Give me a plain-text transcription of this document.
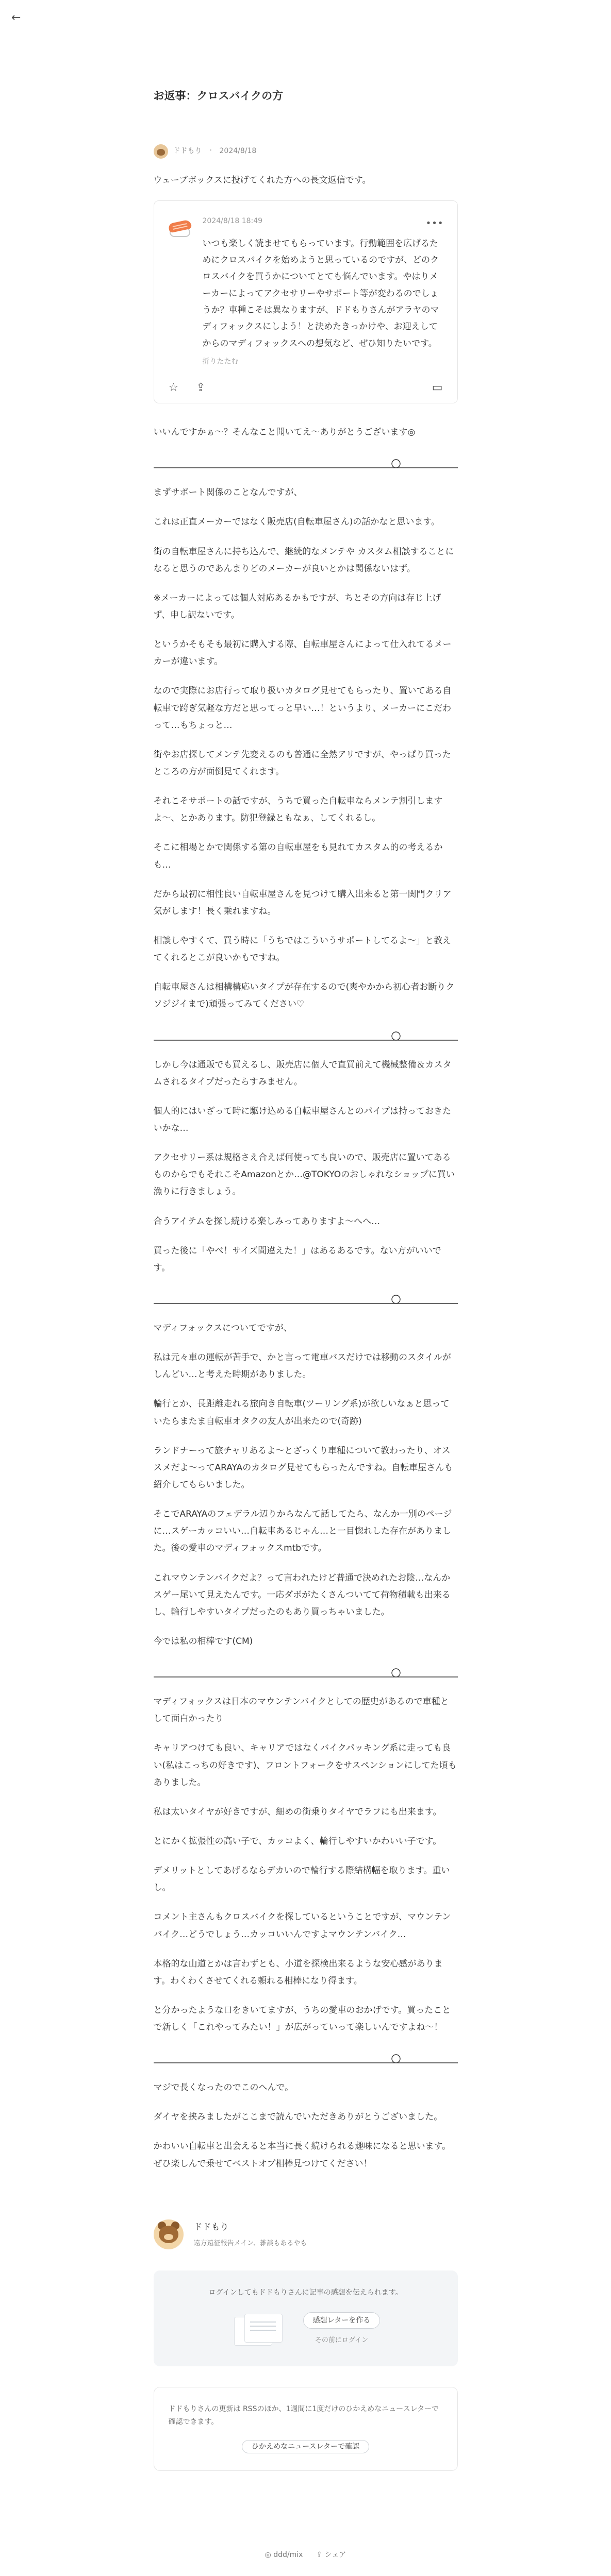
←
お返事：クロスバイクの方
ドドもり ・ 2024/8/18

ウェーブボックスに投げてくれた方への長文返信です。

2024/8/18 18:49	•••
いつも楽しく読ませてもらっています。行動範囲を広げるためにクロスバイクを始めようと思っているのですが、どのクロスバイクを買うかについてとても悩んでいます。やはりメーカーによってアクセサリーやサポート等が変わるのでしょうか？車種こそは異なりますが、ドドもりさんがアラヤのマディフォックスにしよう！と決めたきっかけや、お迎えしてからのマディフォックスへの想気など、ぜひ知りたいです。
折りたたむ
☆ ⇪	▭

いいんですかぁ〜？そんなこと聞いてえ〜ありがとうございます◎

まずサポート関係のことなんですが、

これは正直メーカーではなく販売店(自転車屋さん)の話かなと思います。

街の自転車屋さんに持ち込んで、継続的なメンテや カスタム相談することになると思うのであんまりどのメーカーが良いとかは関係ないはず。

※メーカーによっては個人対応あるかもですが、ちとその方向は存じ上げず、申し訳ないです。

というかそもそも最初に購入する際、自転車屋さんによって仕入れてるメーカーが違います。

なので実際にお店行って取り扱いカタログ見せてもらったり、置いてある自転車で跨ぎ気軽な方だと思ってっと早い…！というより、メーカーにこだわって…もちょっと…

街やお店探してメンテ先変えるのも普通に全然アリですが、やっぱり買ったところの方が面倒見てくれます。

それこそサポートの話ですが、うちで買った自転車ならメンテ割引しますよ〜、とかあります。防犯登録ともなぁ、してくれるし。

そこに相場とかで関係する第の自転車屋をも見れてカスタム的の考えるかも…

だから最初に相性良い自転車屋さんを見つけて購入出来ると第一関門クリア気がします！長く乗れますね。

相談しやすくて、買う時に「うちではこういうサポートしてるよ〜」と教えてくれるとこが良いかもですね。

自転車屋さんは相構構応いタイプが存在するので(爽やかから初心者お断りクソジジイまで)頑張ってみてください♡

しかし今は通販でも買えるし、販売店に個人で直買前えて機械整備＆カスタムされるタイプだったらすみません。

個人的にはいざって時に駆け込める自転車屋さんとのパイプは持っておきたいかな…

アクセサリー系は規格さえ合えば何使っても良いので、販売店に置いてあるものからでもそれこそAmazonとか…@TOKYOのおしゃれなショップに買い漁りに行きましょう。

合うアイテムを探し続ける楽しみってありますよ〜へへ…

買った後に「やべ！サイズ間違えた！」はあるあるです。ない方がいいです。

マディフォックスについてですが、

私は元々車の運転が苦手で、かと言って電車バスだけでは移動のスタイルがしんどい…と考えた時期がありました。

輪行とか、長距離走れる旅向き自転車(ツーリング系)が欲しいなぁと思っていたらまたま自転車オタクの友人が出来たので(奇跡)

ランドナーって旅チャリあるよ〜とざっくり車種について教わったり、オススメだよ〜ってARAYAのカタログ見せてもらったんですね。自転車屋さんも紹介してもらいました。

そこでARAYAのフェデラル辺りからなんて話してたら、なんか一別のページに…スゲーカッコいい…自転車あるじゃん…と一目惚れした存在がありました。後の愛車のマディフォックスmtbです。

これマウンテンバイクだよ？って言われたけど普通で決めれたお陰…なんかスゲー尾いて見えたんです。一応ダボがたくさんついてて荷物積載も出来るし、輪行しやすいタイプだったのもあり買っちゃいました。

今では私の相棒です(CM)

マディフォックスは日本のマウンテンバイクとしての歴史があるので車種として面白かったり

キャリアつけても良い、キャリアではなくバイクパッキング系に走っても良い(私はこっちの好きです)、フロントフォークをサスペンションにしてた頃もありました。

私は太いタイヤが好きですが、細めの街乗りタイヤでラフにも出来ます。

とにかく拡張性の高い子で、カッコよく、輪行しやすいかわいい子です。

デメリットとしてあげるならデカいので輪行する際結構幅を取ります。重いし。

コメント主さんもクロスバイクを探しているということですが、マウンテンバイク…どうでしょう…カッコいいんですよマウンテンバイク…

本格的な山道とかは言わずとも、小道を探検出来るような安心感があります。わくわくさせてくれる頼れる相棒になり得ます。

と分かったような口をきいてますが、うちの愛車のおかげです。買ったことで新しく「これやってみたい！」が広がっていって楽しいんですよね〜！

マジで長くなったのでこのへんで。

ダイヤを挟みましたがここまで読んでいただきありがとうございました。

かわいい自転車と出会えると本当に長く続けられる趣味になると思います。ぜひ楽しんで乗せてベストオブ相棒見つけてください！

ドドもり
遠方遠征報告メイン、雑談もあるやも
ログインしてもドドもりさんに記事の感想を伝えられます。
感想レターを作る
その前にログイン
ドドもりさんの更新は RSSのほか、1週間に1度だけのひかえめなニュースレターで確認できます。
ひかえめなニュースレターで確認
◎ ddd/mix ⇪ シェア
